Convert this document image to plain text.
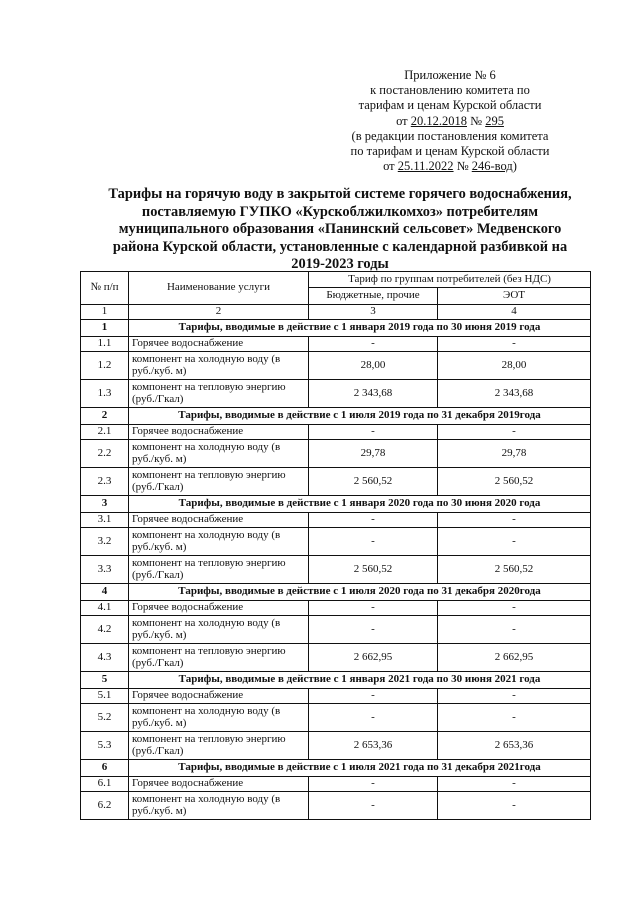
Приложение № 6
к постановлению комитета по
тарифам и ценам Курской области
от 20.12.2018 № 295
(в редакции постановления комитета
по тарифам и ценам Курской области
от 25.11.2022 № 246-вод)
Тарифы на горячую воду в закрытой системе горячего водоснабжения,
поставляемую ГУПКО «Курскоблжилкомхоз» потребителям
муниципального образования «Панинский сельсовет» Медвенского
района Курской области, установленные с календарной разбивкой на
2019-2023 годы
№ п/п	Наименование услуги	Тариф по группам потребителей (без НДС)	
		Бюджетные, прочие	ЭОТ
1	2	3	4
1	Тарифы, вводимые в действие с 1 января 2019 года по 30 июня 2019 года		
1.1	Горячее водоснабжение	-	-
1.2	компонент на холодную воду (в руб./куб. м)	28,00	28,00
1.3	компонент на тепловую энергию (руб./Гкал)	2 343,68	2 343,68
2	Тарифы, вводимые в действие с 1 июля 2019 года по 31 декабря 2019года		
2.1	Горячее водоснабжение	-	-
2.2	компонент на холодную воду (в руб./куб. м)	29,78	29,78
2.3	компонент на тепловую энергию (руб./Гкал)	2 560,52	2 560,52
3	Тарифы, вводимые в действие с 1 января 2020 года по 30 июня 2020 года		
3.1	Горячее водоснабжение	-	-
3.2	компонент на холодную воду (в руб./куб. м)	-	-
3.3	компонент на тепловую энергию (руб./Гкал)	2 560,52	2 560,52
4	Тарифы, вводимые в действие с 1 июля 2020 года по 31 декабря 2020года		
4.1	Горячее водоснабжение	-	-
4.2	компонент на холодную воду (в руб./куб. м)	-	-
4.3	компонент на тепловую энергию (руб./Гкал)	2 662,95	2 662,95
5	Тарифы, вводимые в действие с 1 января 2021 года по 30 июня 2021 года		
5.1	Горячее водоснабжение	-	-
5.2	компонент на холодную воду (в руб./куб. м)	-	-
5.3	компонент на тепловую энергию (руб./Гкал)	2 653,36	2 653,36
6	Тарифы, вводимые в действие с 1 июля 2021 года по 31 декабря 2021года		
6.1	Горячее водоснабжение	-	-
6.2	компонент на холодную воду (в руб./куб. м)	-	-
